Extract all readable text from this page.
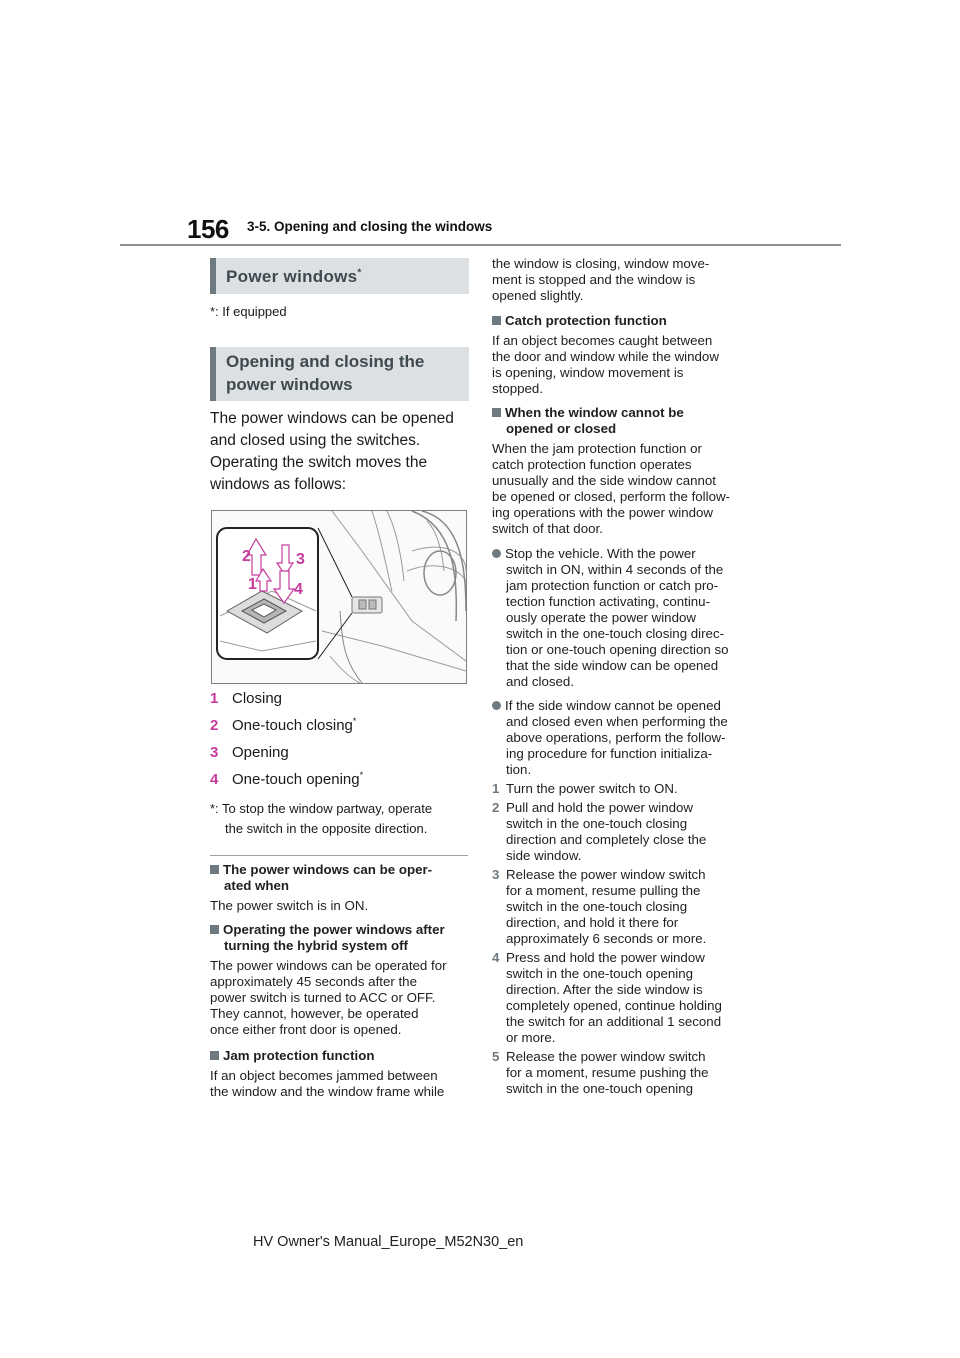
156 3-5. Opening and closing the windows
Power windows*
*: If equipped
Opening and closing the
power windows
The power windows can be opened
and closed using the switches.
Operating the switch moves the
windows as follows:
2	3
1 4
1 Closing
2 One-touch closing*
3 Opening
4 One-touch opening*
*: To stop the window partway, operate
the switch in the opposite direction.
The power windows can be oper-
ated when
The power switch is in ON.
Operating the power windows after
turning the hybrid system off
The power windows can be operated for
approximately 45 seconds after the
power switch is turned to ACC or OFF.
They cannot, however, be operated
once either front door is opened.
Jam protection function
If an object becomes jammed between
the window and the window frame while
the window is closing, window move-
ment is stopped and the window is
opened slightly.
Catch protection function
If an object becomes caught between
the door and window while the window
is opening, window movement is
stopped.
When the window cannot be
opened or closed
When the jam protection function or
catch protection function operates
unusually and the side window cannot
be opened or closed, perform the follow-
ing operations with the power window
switch of that door.
Stop the vehicle. With the power
switch in ON, within 4 seconds of the
jam protection function or catch pro-
tection function activating, continu-
ously operate the power window
switch in the one-touch closing direc-
tion or one-touch opening direction so
that the side window can be opened
and closed.
If the side window cannot be opened
and closed even when performing the
above operations, perform the follow-
ing procedure for function initializa-
tion.
1 Turn the power switch to ON.
2 Pull and hold the power window
switch in the one-touch closing
direction and completely close the
side window.
3 Release the power window switch
for a moment, resume pulling the
switch in the one-touch closing
direction, and hold it there for
approximately 6 seconds or more.
4 Press and hold the power window
switch in the one-touch opening
direction. After the side window is
completely opened, continue holding
the switch for an additional 1 second
or more.
5 Release the power window switch
for a moment, resume pushing the
switch in the one-touch opening
HV Owner's Manual_Europe_M52N30_en
